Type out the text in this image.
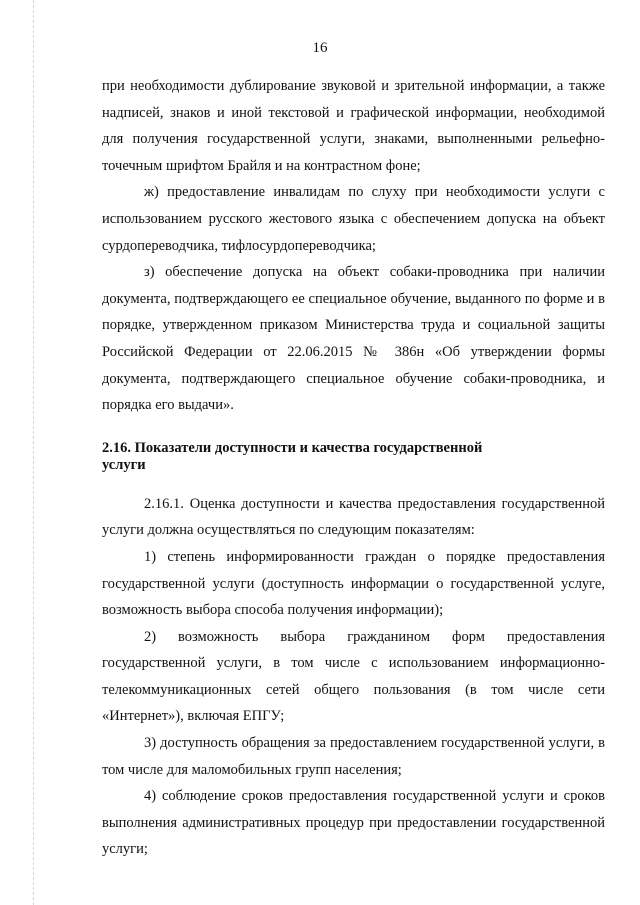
16

при необходимости дублирование звуковой и зрительной информации, а также надписей, знаков и иной текстовой и графической информации, необходимой для получения государственной услуги, знаками, выполненными рельефно-точечным шрифтом Брайля и на контрастном фоне;

ж) предоставление инвалидам по слуху при необходимости услуги с использованием русского жестового языка с обеспечением допуска на объект сурдопереводчика, тифлосурдопереводчика;

з) обеспечение допуска на объект собаки-проводника при наличии документа, подтверждающего ее специальное обучение, выданного по форме и в порядке, утвержденном приказом Министерства труда и социальной защиты Российской Федерации от 22.06.2015 № 386н «Об утверждении формы документа, подтверждающего специальное обучение собаки-проводника, и порядка его выдачи».

2.16. Показатели доступности и качества государственной
услуги

2.16.1. Оценка доступности и качества предоставления государственной услуги должна осуществляться по следующим показателям:

1) степень информированности граждан о порядке предоставления государственной услуги (доступность информации о государственной услуге, возможность выбора способа получения информации);

2) возможность выбора гражданином форм предоставления государственной услуги, в том числе с использованием информационно-телекоммуникационных сетей общего пользования (в том числе сети «Интернет»), включая ЕПГУ;

3) доступность обращения за предоставлением государственной услуги, в том числе для маломобильных групп населения;

4) соблюдение сроков предоставления государственной услуги и сроков выполнения административных процедур при предоставлении государственной услуги;
